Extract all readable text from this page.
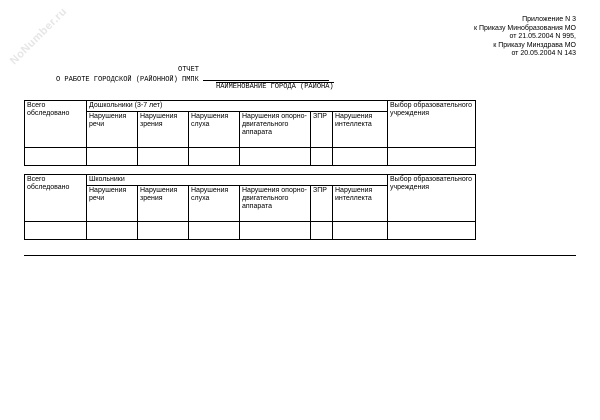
NoNumber.ru	Приложение N 3
к Приказу Минобразования МО
от 21.05.2004 N 995,
к Приказу Минздрава МО
от 20.05.2004 N 143
ОТЧЕТ
О РАБОТЕ ГОРОДСКОЙ (РАЙОННОЙ) ПМПК
НАИМЕНОВАНИЕ ГОРОДА (РАЙОНА)
Всего обследовано	Дошкольники (3-7 лет)						Выбор образовательного учреждения
	Нарушения речи	Нарушения зрения	Нарушения слуха	Нарушения опорно-двигательного аппарата	ЗПР	Нарушения интеллекта	

Всего обследовано	Школьники						Выбор образовательного учреждения
	Нарушения речи	Нарушения зрения	Нарушения слуха	Нарушения опорно-двигательного аппарата	ЗПР	Нарушения интеллекта	
